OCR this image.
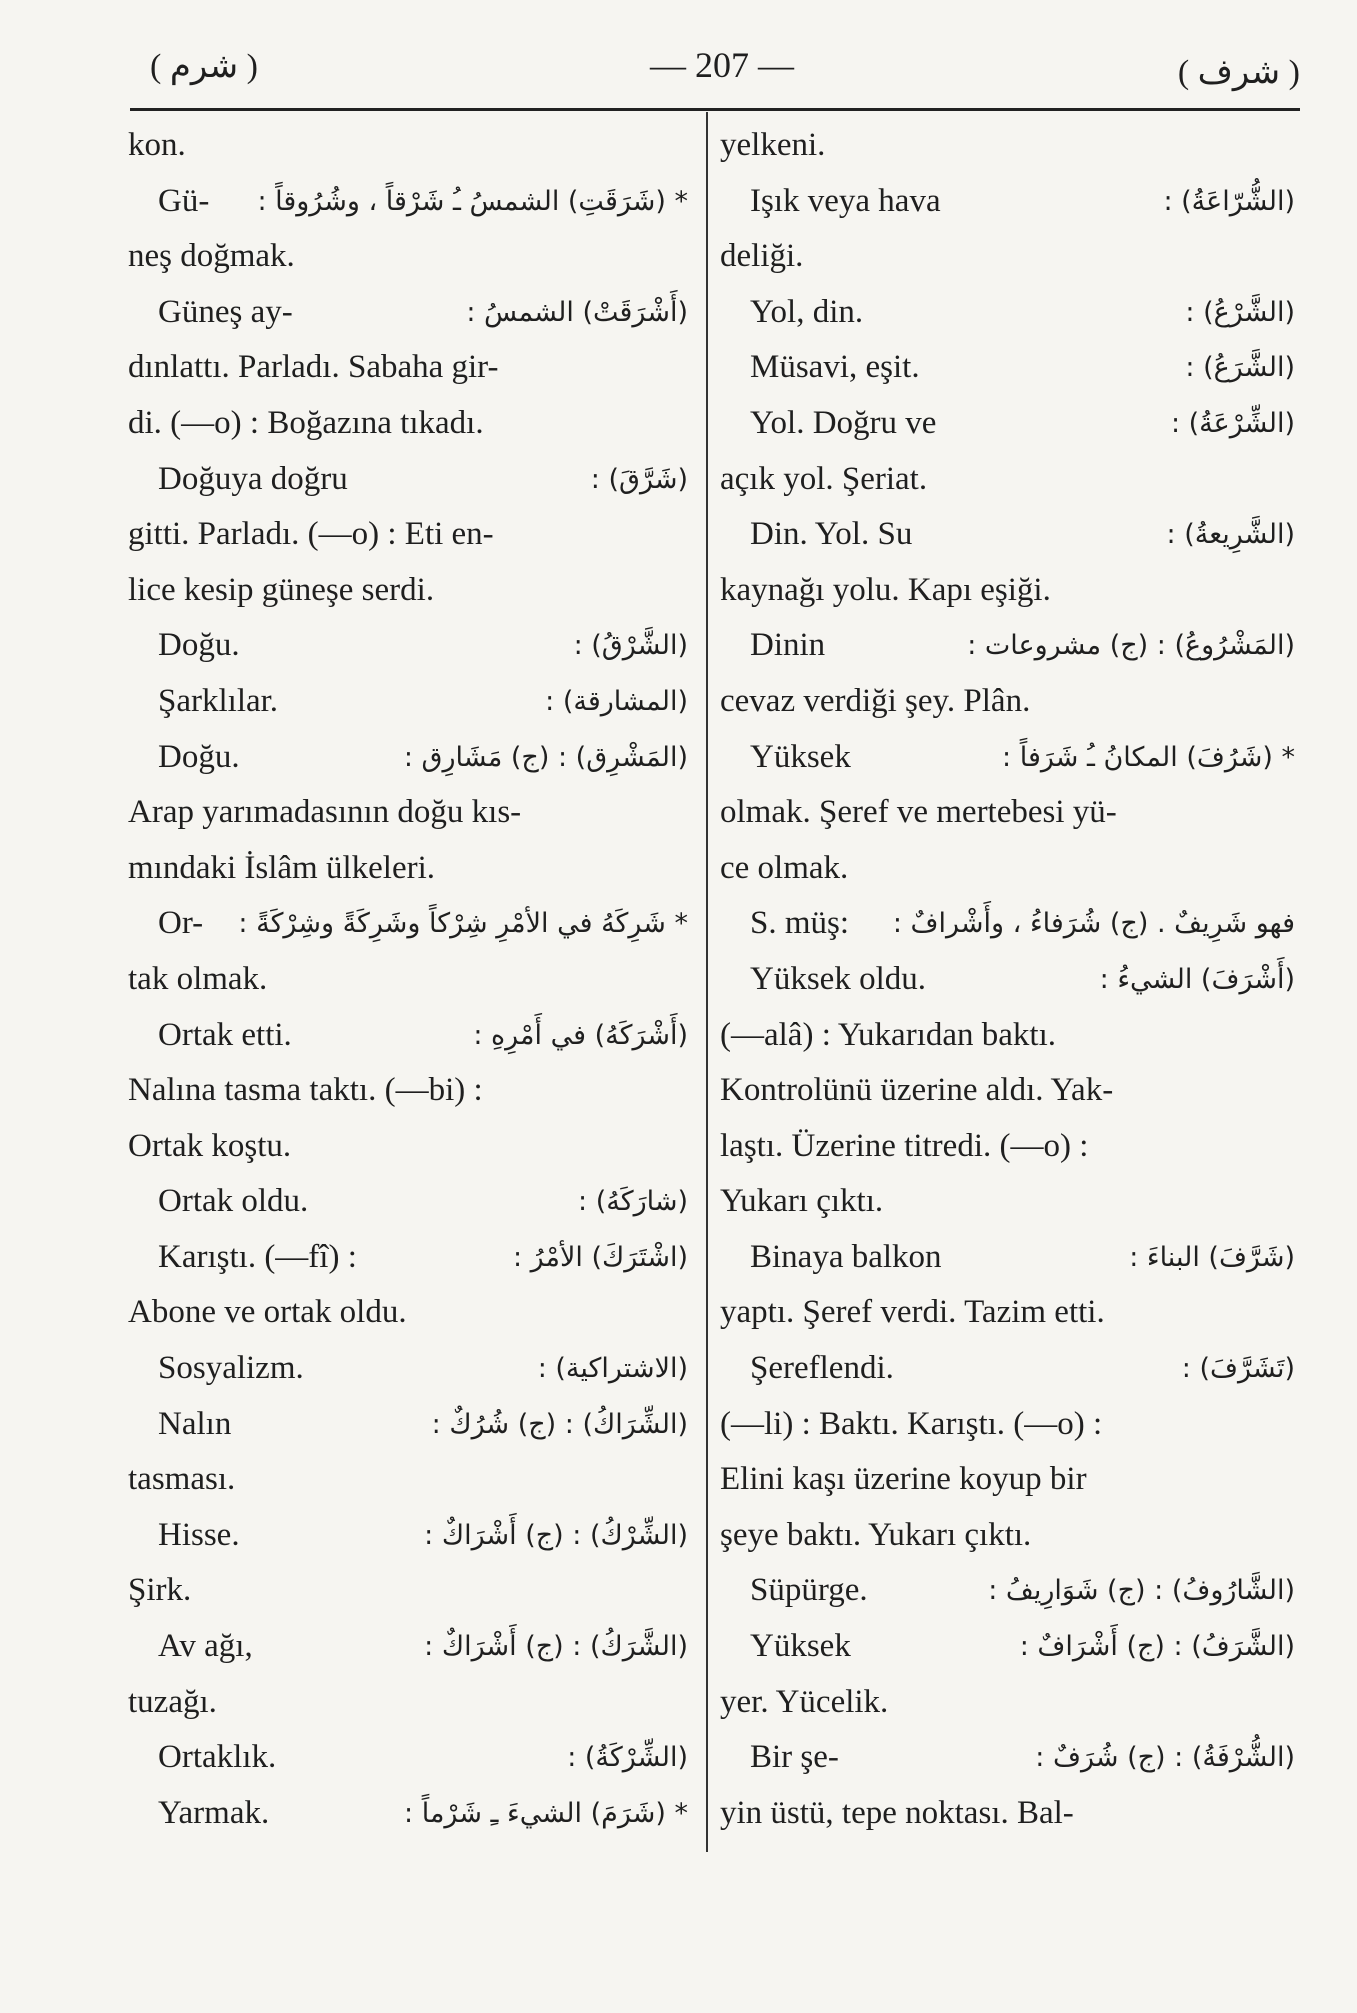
( شرم )	— 207 —	( شرف )
kon.
Gü- * (شَرَقَتِ) الشمسُ ـُ شَرْقاً ، وشُرُوقاً :
neş doğmak.
Güneş ay-	(أَشْرَقَتْ) الشمسُ :
dınlattı. Parladı. Sabaha gir-
di. (—o) : Boğazına tıkadı.
Doğuya doğru	(شَرَّقَ) :
gitti. Parladı. (—o) : Eti en-
lice kesip güneşe serdi.
Doğu.	(الشَّرْقُ) :
Şarklılar.	(المشارقة) :
Doğu.	(المَشْرِق) : (ج) مَشَارِق :
Arap yarımadasının doğu kıs-
mındaki İslâm ülkeleri.
Or- * شَرِكَهُ في الأمْرِ شِرْكاً وشَرِكَةً وشِرْكَةً :
tak olmak.
Ortak etti.	(أَشْرَكَهُ) في أَمْرِهِ :
Nalına tasma taktı. (—bi) :
Ortak koştu.
Ortak oldu.	(شارَكَهُ) :
Karıştı. (—fî) :	(اشْتَرَكَ) الأمْرُ :
Abone ve ortak oldu.
Sosyalizm.	(الاشتراكية) :
Nalın	(الشِّرَاكُ) : (ج) شُرُكٌ :
tasması.
Hisse.	(الشِّرْكُ) : (ج) أَشْرَاكٌ :
Şirk.
Av ağı,	(الشَّرَكُ) : (ج) أَشْرَاكٌ :
tuzağı.
Ortaklık.	(الشِّرْكَةُ) :
Yarmak.	* (شَرَمَ) الشيءَ ـِ شَرْماً :
yelkeni.
Işık veya hava	(الشُّرّاعَةُ) :
deliği.
Yol, din.	(الشَّرْعُ) :
Müsavi, eşit.	(الشَّرَعُ) :
Yol. Doğru ve	(الشِّرْعَةُ) :
açık yol. Şeriat.
Din. Yol. Su	(الشَّرِيعةُ) :
kaynağı yolu. Kapı eşiği.
Dinin	(المَشْرُوعُ) : (ج) مشروعات :
cevaz verdiği şey. Plân.
Yüksek	* (شَرُفَ) المكانُ ـُ شَرَفاً :
olmak. Şeref ve mertebesi yü-
ce olmak.
S. müş: فهو شَرِيفٌ . (ج) شُرَفاءُ ، وأَشْرافٌ :
Yüksek oldu.	(أَشْرَفَ) الشيءُ :
(—alâ) : Yukarıdan baktı.
Kontrolünü üzerine aldı. Yak-
laştı. Üzerine titredi. (—o) :
Yukarı çıktı.
Binaya balkon	(شَرَّفَ) البناءَ :
yaptı. Şeref verdi. Tazim etti.
Şereflendi.	(تَشَرَّفَ) :
(—li) : Baktı. Karıştı. (—o) :
Elini kaşı üzerine koyup bir
şeye baktı. Yukarı çıktı.
Süpürge.	(الشَّارُوفُ) : (ج) شَوَارِيفُ :
Yüksek	(الشَّرَفُ) : (ج) أَشْرَافٌ :
yer. Yücelik.
Bir şe-	(الشُّرْفَةُ) : (ج) شُرَفٌ :
yin üstü, tepe noktası. Bal-
